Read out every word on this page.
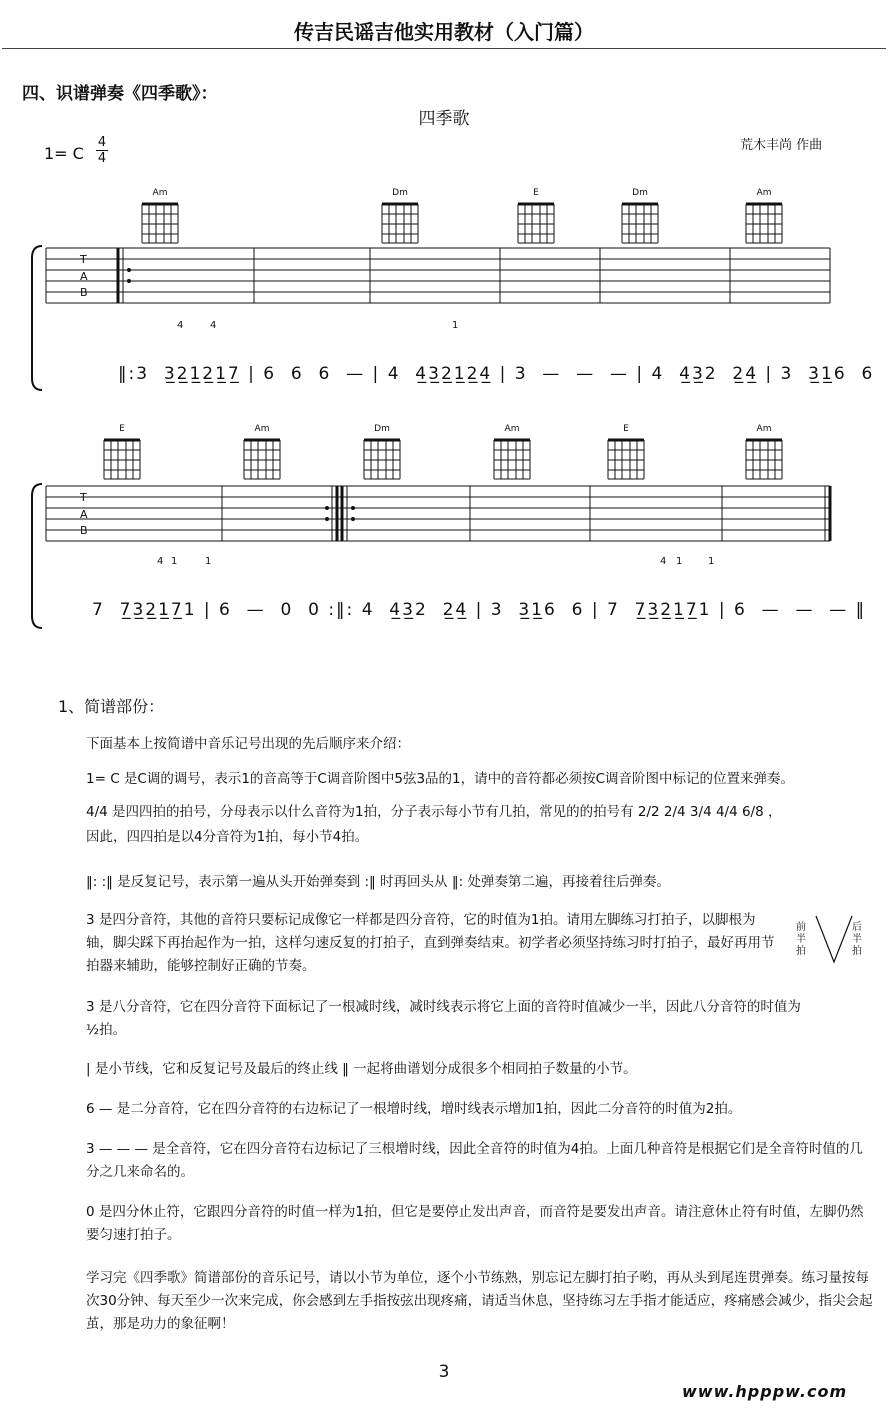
传吉民谣吉他实用教材（入门篇）
四、识谱弹奏《四季歌》：
四季歌
荒木丰尚 作曲
1= C
4
4
Am	Dm	E	Dm	Am
T
A
B
4	4	1
‖:3  3̲2̲1̲2̲1̲7̲ | 6  6  6  — | 4  4̲3̲2̲1̲2̲4̲ | 3  —  —  — | 4  4̲3̲2  2̲4̲ | 3  3̲1̲6  6
E	Am	Dm	Am	E	Am
T
A
B
4 1	1	4 1	1
7  7̲3̲2̲1̲7̲1 | 6  —  0  0 :‖: 4  4̲3̲2  2̲4̲ | 3  3̲1̲6  6 | 7  7̲3̲2̲1̲7̲1 | 6  —  —  — ‖
1、简谱部份：
下面基本上按简谱中音乐记号出现的先后顺序来介绍：
1= C 是C调的调号，表示1的音高等于C调音阶图中5弦3品的1，请中的音符都必须按C调音阶图中标记的位置来弹奏。
4/4 是四四拍的拍号，分母表示以什么音符为1拍，分子表示每小节有几拍，常见的的拍号有 2/2 2/4 3/4 4/4 6/8 ，
因此，四四拍是以4分音符为1拍，每小节4拍。
‖: :‖ 是反复记号，表示第一遍从头开始弹奏到 :‖ 时再回头从 ‖: 处弹奏第二遍，再接着往后弹奏。
3 是四分音符，其他的音符只要标记成像它一样都是四分音符，它的时值为1拍。请用左脚练习打拍子，以脚根为轴，脚尖踩下再抬起作为一拍，这样匀速反复的打拍子，直到弹奏结束。初学者必须坚持练习时打拍子，最好再用节拍器来辅助，能够控制好正确的节奏。
前半拍
后半拍
3 是八分音符，它在四分音符下面标记了一根减时线，减时线表示将它上面的音符时值减少一半，因此八分音符的时值为
½拍。
| 是小节线，它和反复记号及最后的终止线 ‖ 一起将曲谱划分成很多个相同拍子数量的小节。
6 — 是二分音符，它在四分音符的右边标记了一根增时线，增时线表示增加1拍，因此二分音符的时值为2拍。
3 — — — 是全音符，它在四分音符右边标记了三根增时线，因此全音符的时值为4拍。上面几种音符是根据它们是全音符时值的几分之几来命名的。
0 是四分休止符，它跟四分音符的时值一样为1拍，但它是要停止发出声音，而音符是要发出声音。请注意休止符有时值，左脚仍然要匀速打拍子。
学习完《四季歌》简谱部份的音乐记号，请以小节为单位，逐个小节练熟，别忘记左脚打拍子哟，再从头到尾连贯弹奏。练习量按每次30分钟、每天至少一次来完成，你会感到左手指按弦出现疼痛，请适当休息，坚持练习左手指才能适应，疼痛感会减少，指尖会起茧，那是功力的象征啊！
3
www.hpppw.com
